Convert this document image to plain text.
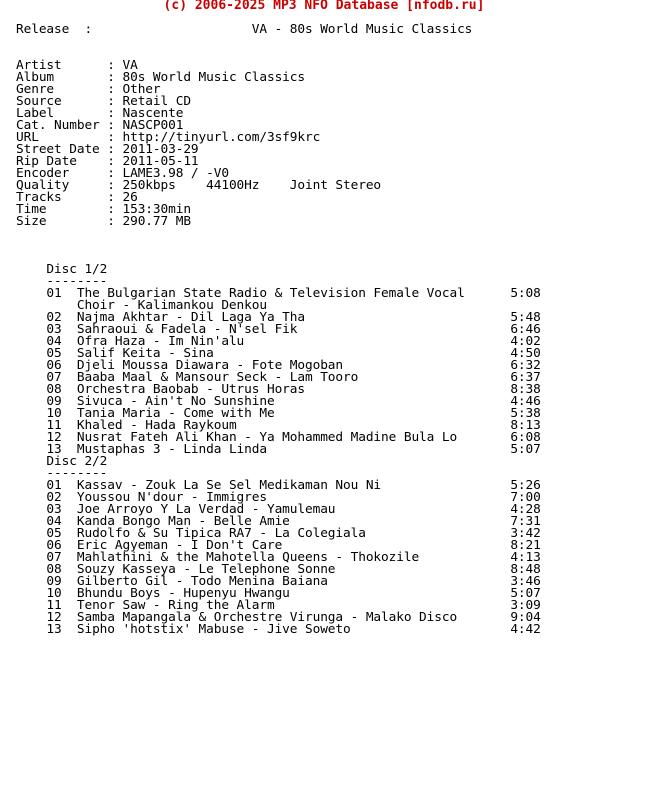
(c) 2006-2025 MP3 NFO Database [nfodb.ru]
Release  :                     VA - 80s World Music Classics

Artist      : VA
Album       : 80s World Music Classics
Genre       : Other
Source      : Retail CD
Label       : Nascente
Cat. Number : NASCP001
URL         : http://tinyurl.com/3sf9krc
Street Date : 2011-03-29
Rip Date    : 2011-05-11
Encoder     : LAME3.98 / -V0
Quality     : 250kbps    44100Hz    Joint Stereo
Tracks      : 26
Time        : 153:30min
Size        : 290.77 MB

Disc 1/2
--------
01 The Bulgarian State Radio & Television Female Vocal      5:08
Choir - Kalimankou Denkou
02 Najma Akhtar - Dil Laga Ya Tha                           5:48
03 Sahraoui & Fadela - N'sel Fik                            6:46
04 Ofra Haza - Im Nin'alu                                   4:02
05 Salif Keita - Sina                                       4:50
06 Djeli Moussa Diawara - Fote Mogoban                      6:32
07 Baaba Maal & Mansour Seck - Lam Tooro                    6:37
08 Orchestra Baobab - Utrus Horas                           8:38
09 Sivuca - Ain't No Sunshine                               4:46
10 Tania Maria - Come with Me                               5:38
11 Khaled - Hada Raykoum                                    8:13
12 Nusrat Fateh Ali Khan - Ya Mohammed Madine Bula Lo       6:08
13 Mustaphas 3 - Linda Linda                                5:07
Disc 2/2
--------
01 Kassav - Zouk La Se Sel Medikaman Nou Ni                 5:26
02 Youssou N'dour - Immigres                                7:00
03 Joe Arroyo Y La Verdad - Yamulemau                       4:28
04 Kanda Bongo Man - Belle Amie                             7:31
05 Rudolfo & Su Tipica RA7 - La Colegiala                   3:42
06 Eric Agyeman - I Don't Care                              8:21
07 Mahlathini & the Mahotella Queens - Thokozile            4:13
08 Souzy Kasseya - Le Telephone Sonne                       8:48
09 Gilberto Gil - Todo Menina Baiana                        3:46
10 Bhundu Boys - Hupenyu Hwangu                             5:07
11 Tenor Saw - Ring the Alarm                               3:09
12 Samba Mapangala & Orchestre Virunga - Malako Disco       9:04
13 Sipho 'hotstix' Mabuse - Jive Soweto                     4:42
